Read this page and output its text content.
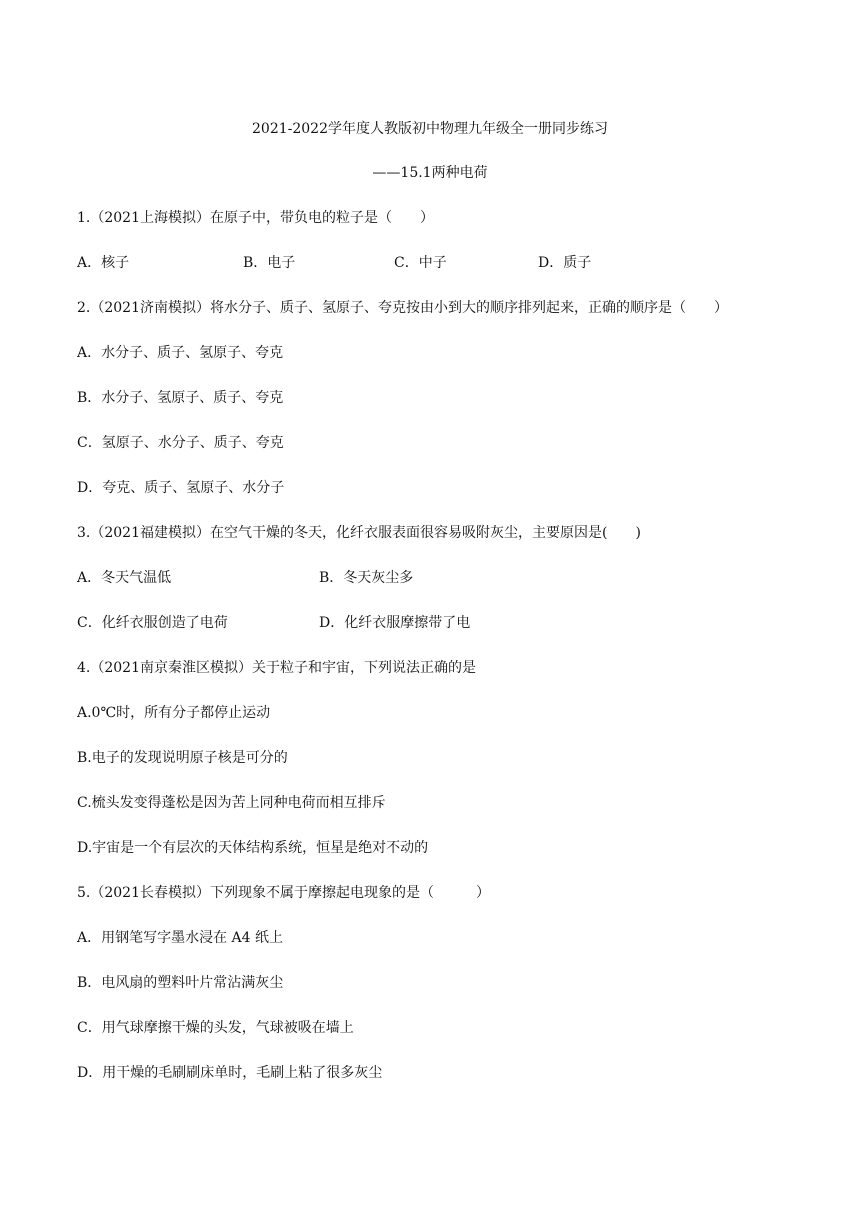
2021-2022学年度人教版初中物理九年级全一册同步练习
——15.1两种电荷
1.（2021上海模拟）在原子中，带负电的粒子是（　　）
A．核子	B．电子	C．中子	D．质子
2.（2021济南模拟）将水分子、质子、氢原子、夸克按由小到大的顺序排列起来，正确的顺序是（　　）
A．水分子、质子、氢原子、夸克
B．水分子、氢原子、质子、夸克
C．氢原子、水分子、质子、夸克
D．夸克、质子、氢原子、水分子
3.（2021福建模拟）在空气干燥的冬天，化纤衣服表面很容易吸附灰尘，主要原因是(　　)
A．冬天气温低	B．冬天灰尘多
C．化纤衣服创造了电荷	D．化纤衣服摩擦带了电
4.（2021南京秦淮区模拟）关于粒子和宇宙，下列说法正确的是
A.0℃时，所有分子都停止运动
B.电子的发现说明原子核是可分的
C.梳头发变得蓬松是因为苦上同种电荷而相互排斥
D.宇宙是一个有层次的天体结构系统，恒星是绝对不动的
5.（2021长春模拟）下列现象不属于摩擦起电现象的是（　　　）
A．用钢笔写字墨水浸在 A4 纸上
B．电风扇的塑料叶片常沾满灰尘
C．用气球摩擦干燥的头发，气球被吸在墙上
D．用干燥的毛刷刷床单时，毛刷上粘了很多灰尘
